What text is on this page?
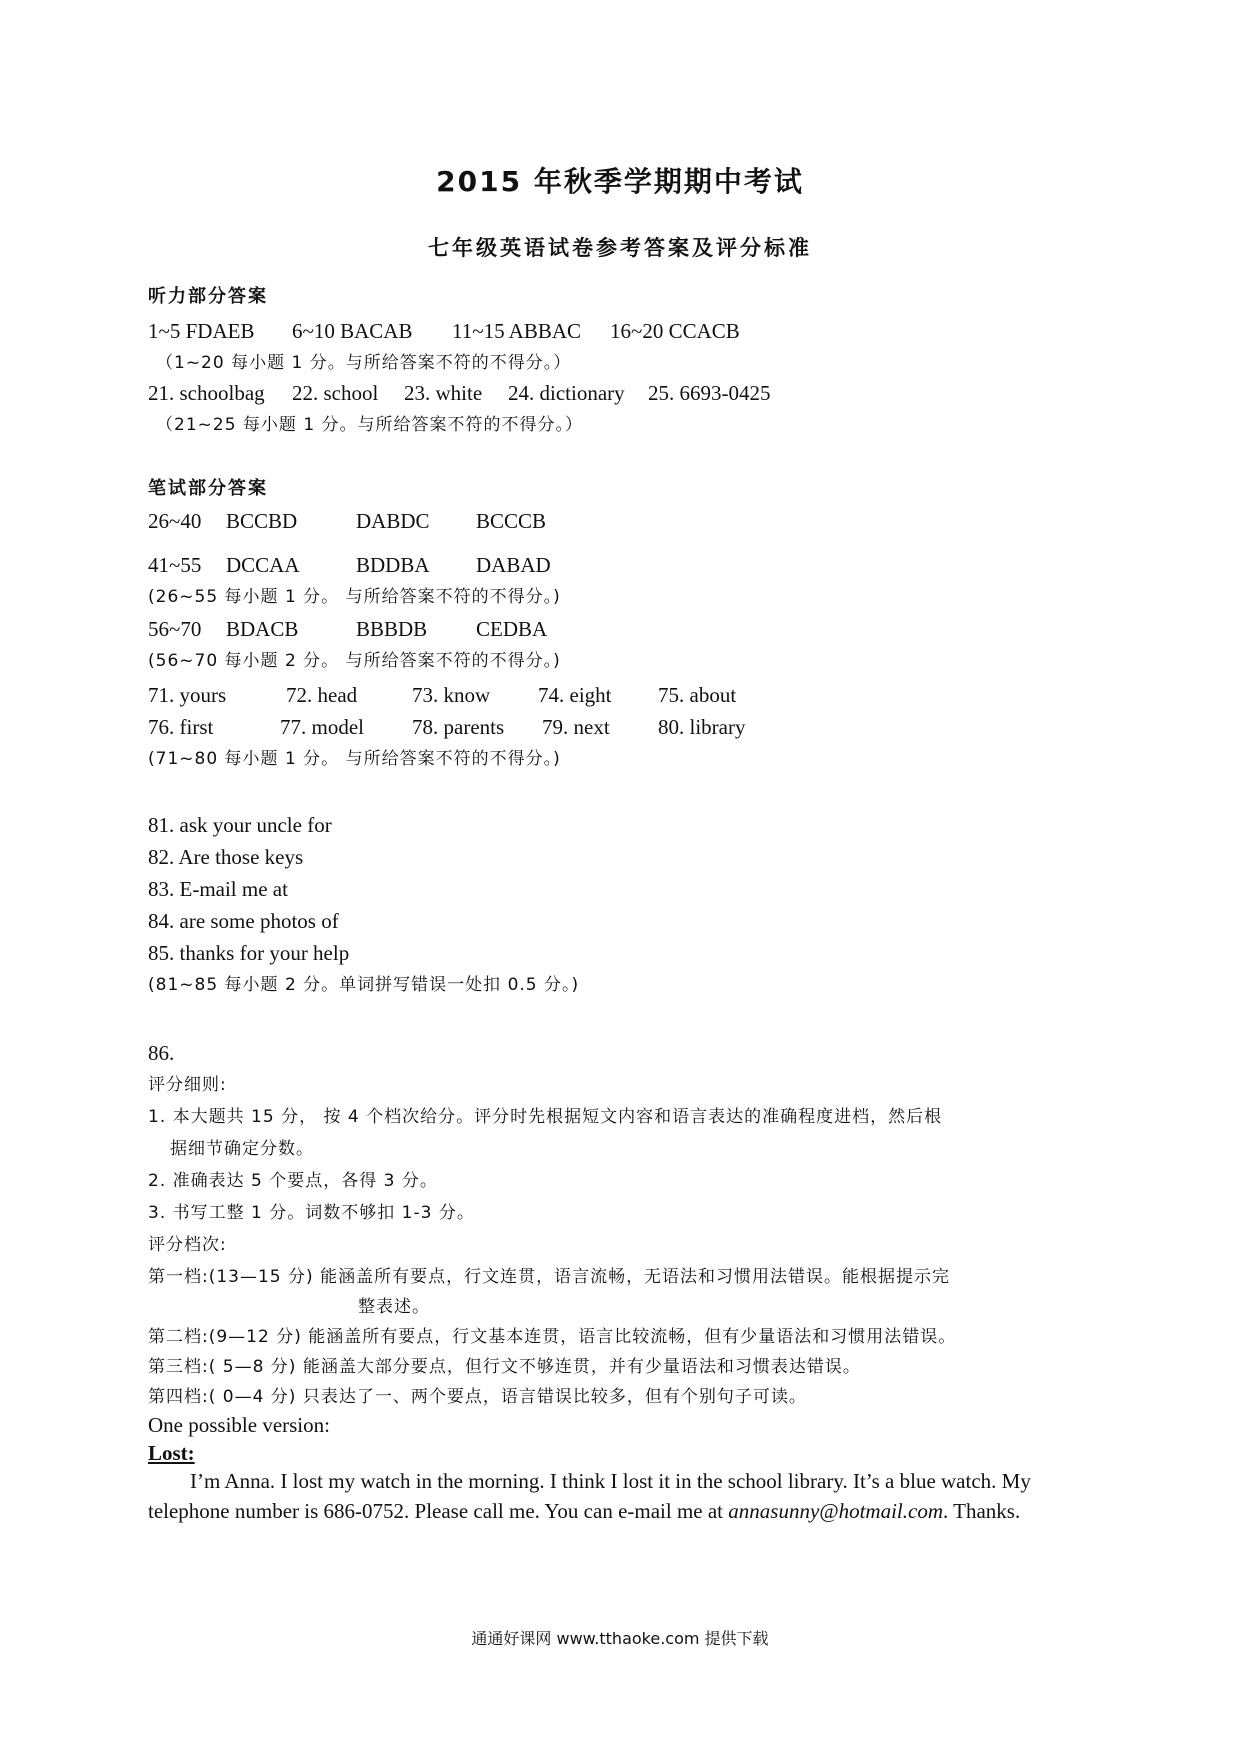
2015 年秋季学期期中考试
七年级英语试卷参考答案及评分标准
听力部分答案
1~5 FDAEB 6~10 BACAB 11~15 ABBAC 16~20 CCACB
（1~20 每小题 1 分。与所给答案不符的不得分。）
21. schoolbag 22. school 23. white 24. dictionary 25. 6693-0425
（21~25 每小题 1 分。与所给答案不符的不得分。）
笔试部分答案
26~40 BCCBD	DABDC BCCCB
41~55 DCCAA	BDDBA DABAD
(26~55 每小题 1 分。 与所给答案不符的不得分。)
56~70 BDACB	BBBDB CEDBA
(56~70 每小题 2 分。 与所给答案不符的不得分。)
71. yours	72. head	73. know 74. eight 75. about
76. first	77. model 78. parents 79. next 80. library
(71~80 每小题 1 分。 与所给答案不符的不得分。)
81. ask your uncle for
82. Are those keys
83. E-mail me at
84. are some photos of
85. thanks for your help
(81~85 每小题 2 分。单词拼写错误一处扣 0.5 分。)
86.
评分细则:
1. 本大题共 15 分， 按 4 个档次给分。评分时先根据短文内容和语言表达的准确程度进档，然后根
据细节确定分数。
2. 准确表达 5 个要点，各得 3 分。
3. 书写工整 1 分。词数不够扣 1-3 分。
评分档次:
第一档:(13—15 分) 能涵盖所有要点，行文连贯，语言流畅，无语法和习惯用法错误。能根据提示完
整表述。
第二档:(9—12 分) 能涵盖所有要点，行文基本连贯，语言比较流畅，但有少量语法和习惯用法错误。
第三档:( 5—8 分) 能涵盖大部分要点，但行文不够连贯，并有少量语法和习惯表达错误。
第四档:( 0—4 分) 只表达了一、两个要点，语言错误比较多，但有个别句子可读。
One possible version:
Lost:
I’m Anna. I lost my watch in the morning. I think I lost it in the school library. It’s a blue watch. My telephone number is 686-0752. Please call me. You can e-mail me at annasunny@hotmail.com. Thanks.
通通好课网 www.tthaoke.com 提供下载
